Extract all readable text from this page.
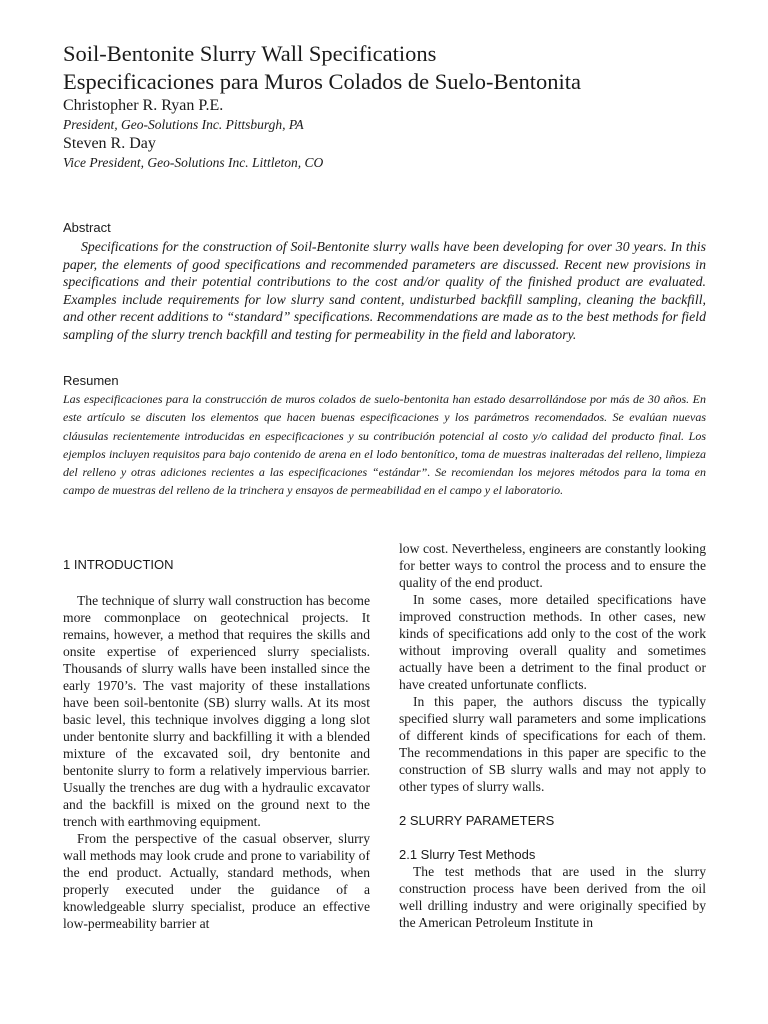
Soil-Bentonite Slurry Wall Specifications
Especificaciones para Muros Colados de Suelo-Bentonita
Christopher R. Ryan P.E.
President, Geo-Solutions Inc. Pittsburgh, PA
Steven R. Day
Vice President, Geo-Solutions Inc. Littleton, CO
Abstract
Specifications for the construction of Soil-Bentonite slurry walls have been developing for over 30 years. In this paper, the elements of good specifications and recommended parameters are discussed. Recent new provisions in specifications and their potential contributions to the cost and/or quality of the finished product are evaluated. Examples include requirements for low slurry sand content, undisturbed backfill sampling, cleaning the backfill, and other recent additions to “standard” specifications. Recommendations are made as to the best methods for field sampling of the slurry trench backfill and testing for permeability in the field and laboratory.
Resumen
Las especificaciones para la construcción de muros colados de suelo-bentonita han estado desarrollándose por más de 30 años. En este artículo se discuten los elementos que hacen buenas especificaciones y los parámetros recomendados. Se evalúan nuevas cláusulas recientemente introducidas en especificaciones y su contribución potencial al costo y/o calidad del producto final. Los ejemplos incluyen requisitos para bajo contenido de arena en el lodo bentonítico, toma de muestras inalteradas del relleno, limpieza del relleno y otras adiciones recientes a las especificaciones “estándar”. Se recomiendan los mejores métodos para la toma en campo de muestras del relleno de la trinchera y ensayos de permeabilidad en el campo y el laboratorio.
1 INTRODUCTION

The technique of slurry wall construction has become more commonplace on geotechnical projects. It remains, however, a method that requires the skills and onsite expertise of experienced slurry specialists. Thousands of slurry walls have been installed since the early 1970’s. The vast majority of these installations have been soil-bentonite (SB) slurry walls. At its most basic level, this technique involves digging a long slot under bentonite slurry and backfilling it with a blended mixture of the excavated soil, dry bentonite and bentonite slurry to form a relatively impervious barrier. Usually the trenches are dug with a hydraulic excavator and the backfill is mixed on the ground next to the trench with earthmoving equipment.

From the perspective of the casual observer, slurry wall methods may look crude and prone to variability of the end product. Actually, standard methods, when properly executed under the guidance of a knowledgeable slurry specialist, produce an effective low-permeability barrier at

low cost. Nevertheless, engineers are constantly looking for better ways to control the process and to ensure the quality of the end product.

In some cases, more detailed specifications have improved construction methods. In other cases, new kinds of specifications add only to the cost of the work without improving overall quality and sometimes actually have been a detriment to the final product or have created unfortunate conflicts.

In this paper, the authors discuss the typically specified slurry wall parameters and some implications of different kinds of specifications for each of them. The recommendations in this paper are specific to the construction of SB slurry walls and may not apply to other types of slurry walls.

2 SLURRY PARAMETERS
2.1 Slurry Test Methods

The test methods that are used in the slurry construction process have been derived from the oil well drilling industry and were originally specified by the American Petroleum Institute in
